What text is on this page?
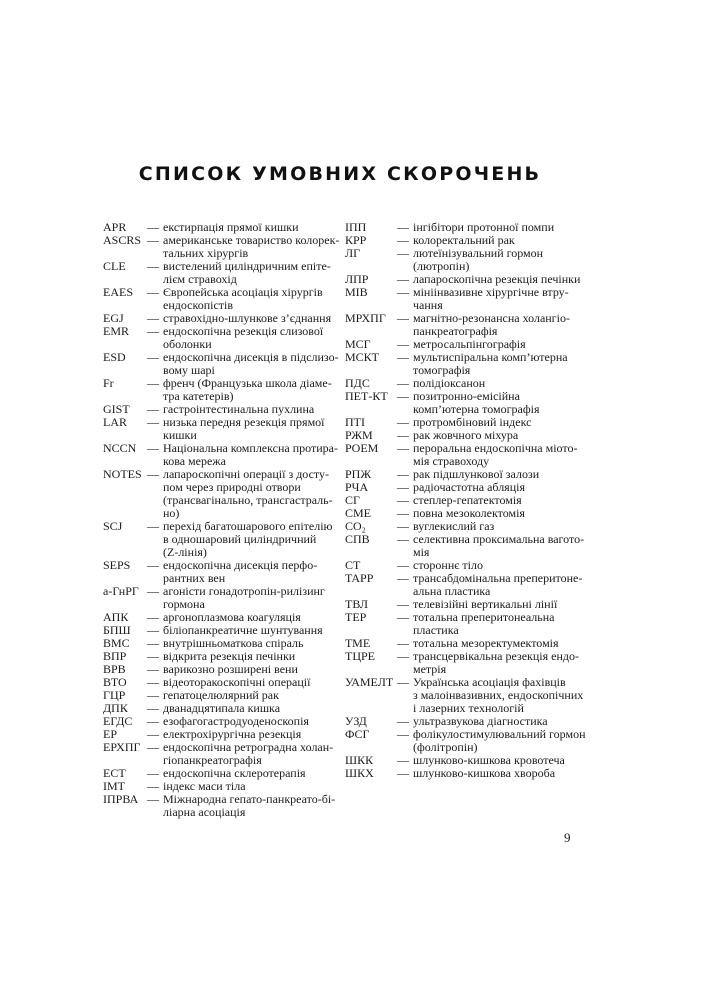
СПИСОК УМОВНИХ СКОРОЧЕНЬ
APR	— екстирпація прямої кишки
ASCRS — американське товариство колорек-
тальних хірургів
CLE	— вистелений циліндричним епіте-
лієм стравохід
EAES	— Європейська асоціація хірургів
ендоскопістів
EGJ	— стравохідно-шлункове з’єднання
EMR	— ендоскопічна резекція слизової
оболонки
ESD	— ендоскопічна дисекція в підслизо-
вому шарі
Fr	— френч (Французька школа діаме-
тра катетерів)
GIST	— гастроінтестинальна пухлина
LAR	— низька передня резекція прямої
кишки
NCCN — Національна комплексна протира-
кова мережа
NOTES — лапароскопічні операції з досту-
пом через природні отвори
(трансвагінально, трансгастраль-
но)
SCJ	— перехід багатошарового епітелію
в одношаровий циліндричний
(Z-лінія)
SEPS	— ендоскопічна дисекція перфо-
рантних вен
a-ГнРГ — агоністи гонадотропін-рилізинг
гормона
АПК	— аргоноплазмова коагуляція
БПШ	— біліопанкреатичне шунтування
ВМС	— внутрішньоматкова спіраль
ВПР	— відкрита резекція печінки
ВРВ	— варикозно розширені вени
ВТО	— відеоторакоскопічні операції
ГЦР	— гепатоцелюлярний рак
ДПК	— дванадцятипала кишка
ЕГДС	— езофагогастродуоденоскопія
ЕР	— електрохірургічна резекція
ЕРХПГ — ендоскопічна ретроградна холан-
гіопанкреатографія
ЕСТ	— ендоскопічна склеротерапія
ІМТ	— індекс маси тіла
ІПРВА — Міжнародна гепато-панкреато-бі-
ліарна асоціація
ІПП	— інгібітори протонної помпи
КРР	— колоректальний рак
ЛГ	— лютеїнізувальний гормон
(лютропін)
ЛПР	— лапароскопічна резекція печінки
МІВ	— мініінвазивне хірургічне втру-
чання
МРХПГ — магнітно-резонансна холангіо-
панкреатографія
МСГ	— метросальпінгографія
МСКТ	— мультиспіральна комп’ютерна
томографія
ПДС	— полідіоксанон
ПЕТ-КТ — позитронно-емісійна
комп’ютерна томографія
ПТІ	— протромбіновий індекс
РЖМ	— рак жовчного міхура
POEM	— пероральна ендоскопічна міото-
мія стравоходу
РПЖ	— рак підшлункової залози
РЧА	— радіочастотна абляція
СГ	— степлер-гепатектомія
CME	— повна мезоколектомія
CO₂	— вуглекислий газ
СПВ	— селективна проксимальна вагото-
мія
СТ	— стороннє тіло
TAPP	— трансабдомінальна преперитоне-
альна пластика
ТВЛ	— телевізійні вертикальні лінії
TEP	— тотальна преперитонеальна
пластика
ТМЕ	— тотальна мезоректумектомія
ТЦРЕ	— трансцервікальна резекція ендо-
метрія
УАМЕЛТ — Українська асоціація фахівців
з малоінвазивних, ендоскопічних
і лазерних технологій
УЗД	— ультразвукова діагностика
ФСГ	— фолікулостимулювальний гормон
(фолітропін)
ШКК	— шлунково-кишкова кровотеча
ШКХ	— шлунково-кишкова хвороба
9
